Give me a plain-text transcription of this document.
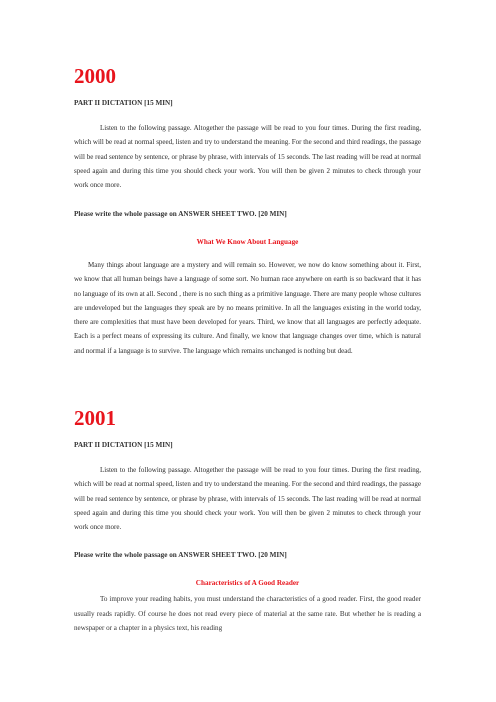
2000
PART II DICTATION [15 MIN]

Listen to the following passage. Altogether the passage will be read to you four times. During the first reading, which will be read at normal speed, listen and try to understand the meaning. For the second and third readings, the passage will be read sentence by sentence, or phrase by phrase, with intervals of 15 seconds. The last reading will be read at normal speed again and during this time you should check your work. You will then be given 2 minutes to check through your work once more.

Please write the whole passage on ANSWER SHEET TWO. [20 MIN]
What We Know About Language

Many things about language are a mystery and will remain so. However, we now do know something about it. First, we know that all human beings have a language of some sort. No human race anywhere on earth is so backward that it has no language of its own at all. Second , there is no such thing as a primitive language. There are many people whose cultures are undeveloped but the languages they speak are by no means primitive. In all the languages existing in the world today, there are complexities that must have been developed for years. Third, we know that all languages are perfectly adequate. Each is a perfect means of expressing its culture. And finally, we know that language changes over time, which is natural and normal if a language is to survive. The language which remains unchanged is nothing but dead.

2001
PART II DICTATION [15 MIN]

Listen to the following passage. Altogether the passage will be read to you four times. During the first reading, which will be read at normal speed, listen and try to understand the meaning. For the second and third readings, the passage will be read sentence by sentence, or phrase by phrase, with intervals of 15 seconds. The last reading will be read at normal speed again and during this time you should check your work. You will then be given 2 minutes to check through your work once more.

Please write the whole passage on ANSWER SHEET TWO. [20 MIN]
Characteristics of A Good Reader

To improve your reading habits, you must understand the characteristics of a good reader. First, the good reader usually reads rapidly. Of course he does not read every piece of material at the same rate. But whether he is reading a newspaper or a chapter in a physics text, his reading
